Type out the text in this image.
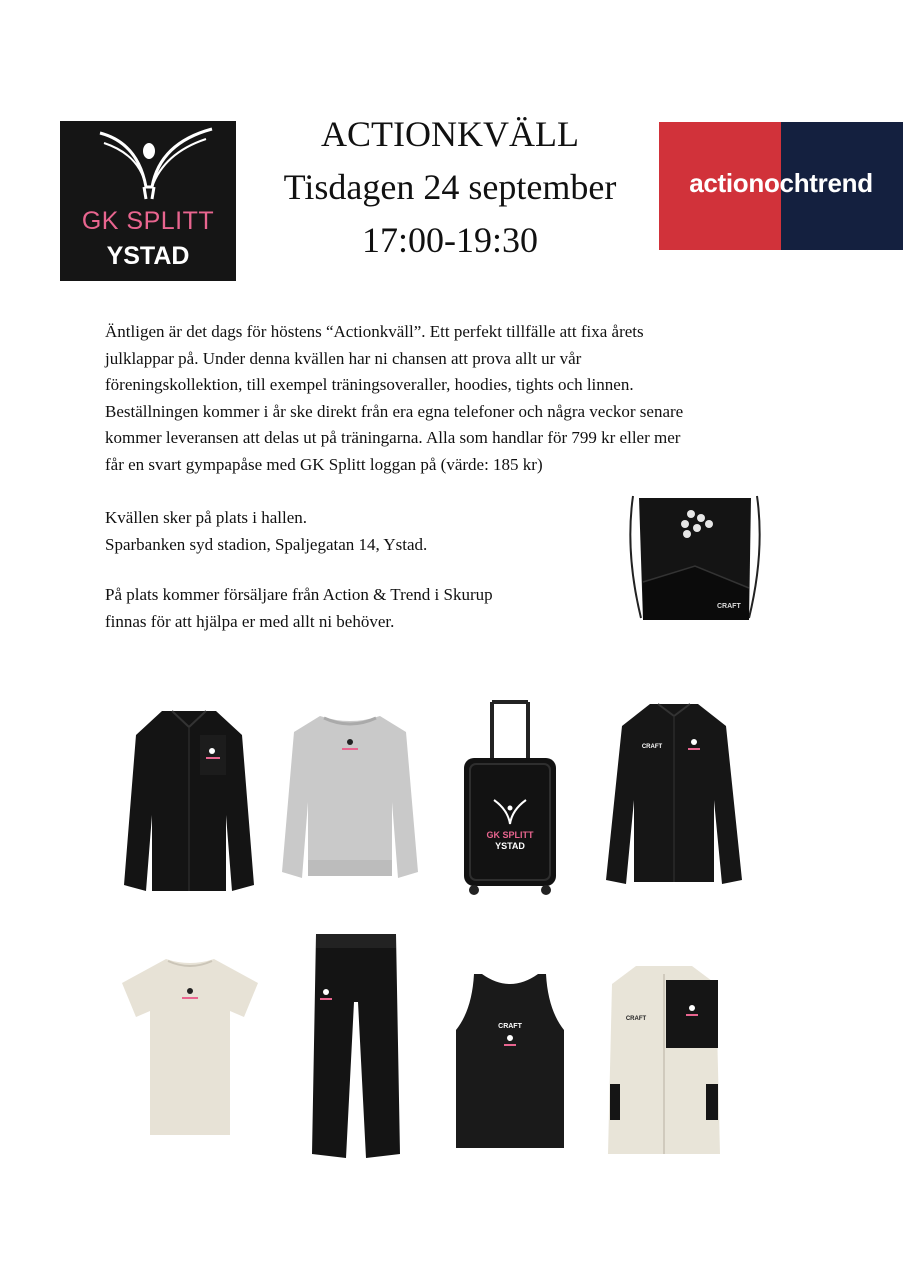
GK SPLITT
YSTAD
ACTIONKVÄLL
Tisdagen 24 september
17:00-19:30
actionochtrend
Äntligen är det dags för höstens “Actionkväll”. Ett perfekt tillfälle att fixa årets
julklappar på. Under denna kvällen har ni chansen att prova allt ur vår
föreningskollektion, till exempel träningsoveraller, hoodies, tights och linnen.
Beställningen kommer i år ske direkt från era egna telefoner och några veckor senare
kommer leveransen att delas ut på träningarna. Alla som handlar för 799 kr eller mer
får en svart gympapåse med GK Splitt loggan på (värde: 185 kr)
Kvällen sker på plats i hallen.
Sparbanken syd stadion, Spaljegatan 14, Ystad.
På plats kommer försäljare från Action & Trend i Skurup
finnas för att hjälpa er med allt ni behöver.
CRAFT
GK SPLITT
YSTAD
CRAFT
CRAFT
CRAFT
